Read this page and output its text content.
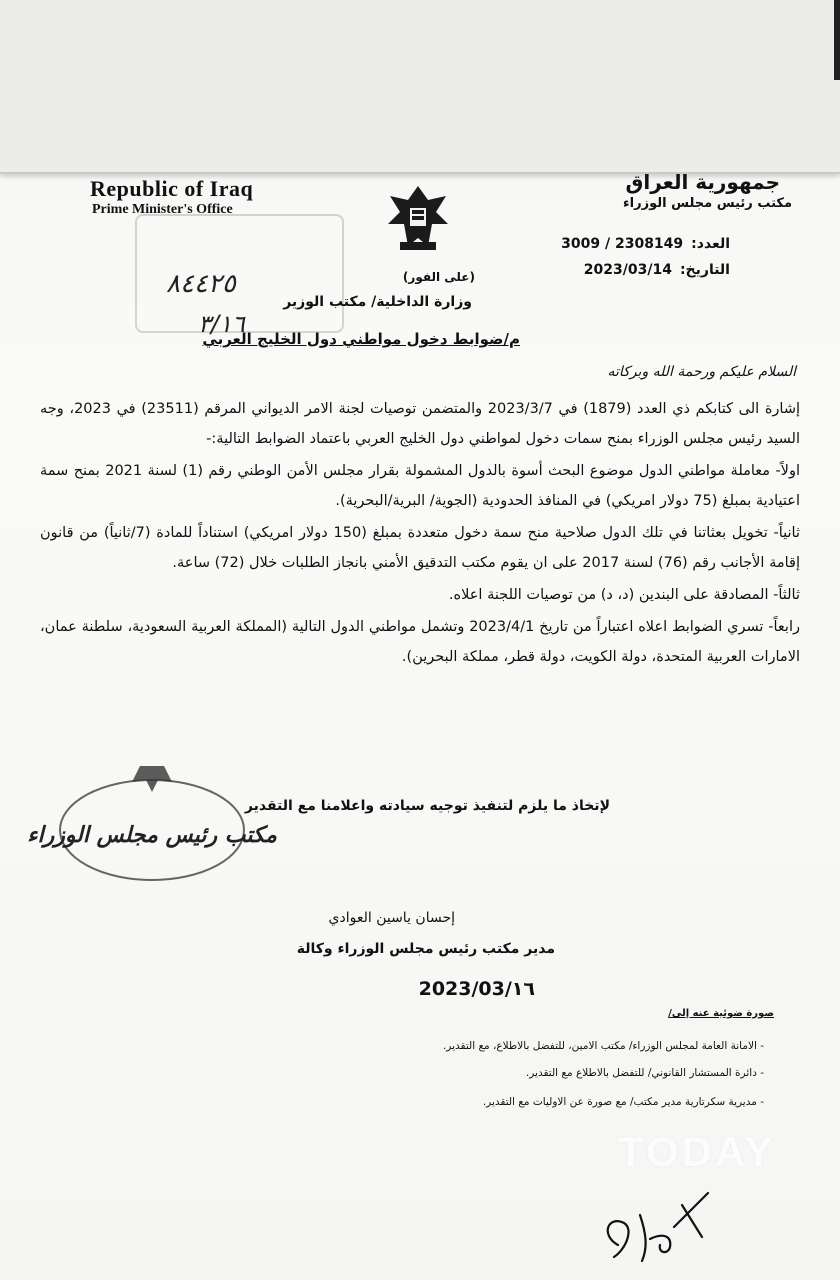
Republic of Iraq
Prime Minister's Office
جمهورية العراق
مكتب رئيس مجلس الوزراء
العدد:2308149 / 3009
التاريخ:2023/03/14
٨٤٤٢٥
٣/١٦
(على الفور)
وزارة الداخلية/ مكتب الوزير
م/ضوابط دخول مواطني دول الخليج العربي
السلام عليكم ورحمة الله وبركاته

إشارة الى كتابكم ذي العدد (1879) في 2023/3/7 والمتضمن توصيات لجنة الامر الديواني المرقم (23511) في 2023، وجه السيد رئيس مجلس الوزراء بمنح سمات دخول لمواطني دول الخليج العربي باعتماد الضوابط التالية:-

اولاً- معاملة مواطني الدول موضوع البحث أسوة بالدول المشمولة بقرار مجلس الأمن الوطني رقم (1) لسنة 2021 بمنح سمة اعتيادية بمبلغ (75 دولار امريكي) في المنافذ الحدودية (الجوية/ البرية/البحرية).

ثانياً- تخويل بعثاتنا في تلك الدول صلاحية منح سمة دخول متعددة بمبلغ (150 دولار امريكي) استناداً للمادة (7/ثانياً) من قانون إقامة الأجانب رقم (76) لسنة 2017 على ان يقوم مكتب التدقيق الأمني بانجاز الطلبات خلال (72) ساعة.

ثالثاً- المصادقة على البندين (د، د) من توصيات اللجنة اعلاه.

رابعاً- تسري الضوابط اعلاه اعتباراً من تاريخ 2023/4/1 وتشمل مواطني الدول التالية (المملكة العربية السعودية، سلطنة عمان، الامارات العربية المتحدة، دولة الكويت، دولة قطر، مملكة البحرين).

مكتب رئيس مجلس الوزراء
لإتخاذ ما يلزم لتنفيذ توجيه سيادته واعلامنا مع التقدير
إحسان ياسين العوادي
مدير مكتب رئيس مجلس الوزراء وكالة
2023/03/١٦
صورة ضوئية عنه إلى/
- الامانة العامة لمجلس الوزراء/ مكتب الامين، للتفضل بالاطلاع، مع التقدير.
- دائرة المستشار القانوني/ للتفضل بالاطلاع مع التقدير.
- مديرية سكرتارية مدير مكتب/ مع صورة عن الاوليات مع التقدير.
TODAY
